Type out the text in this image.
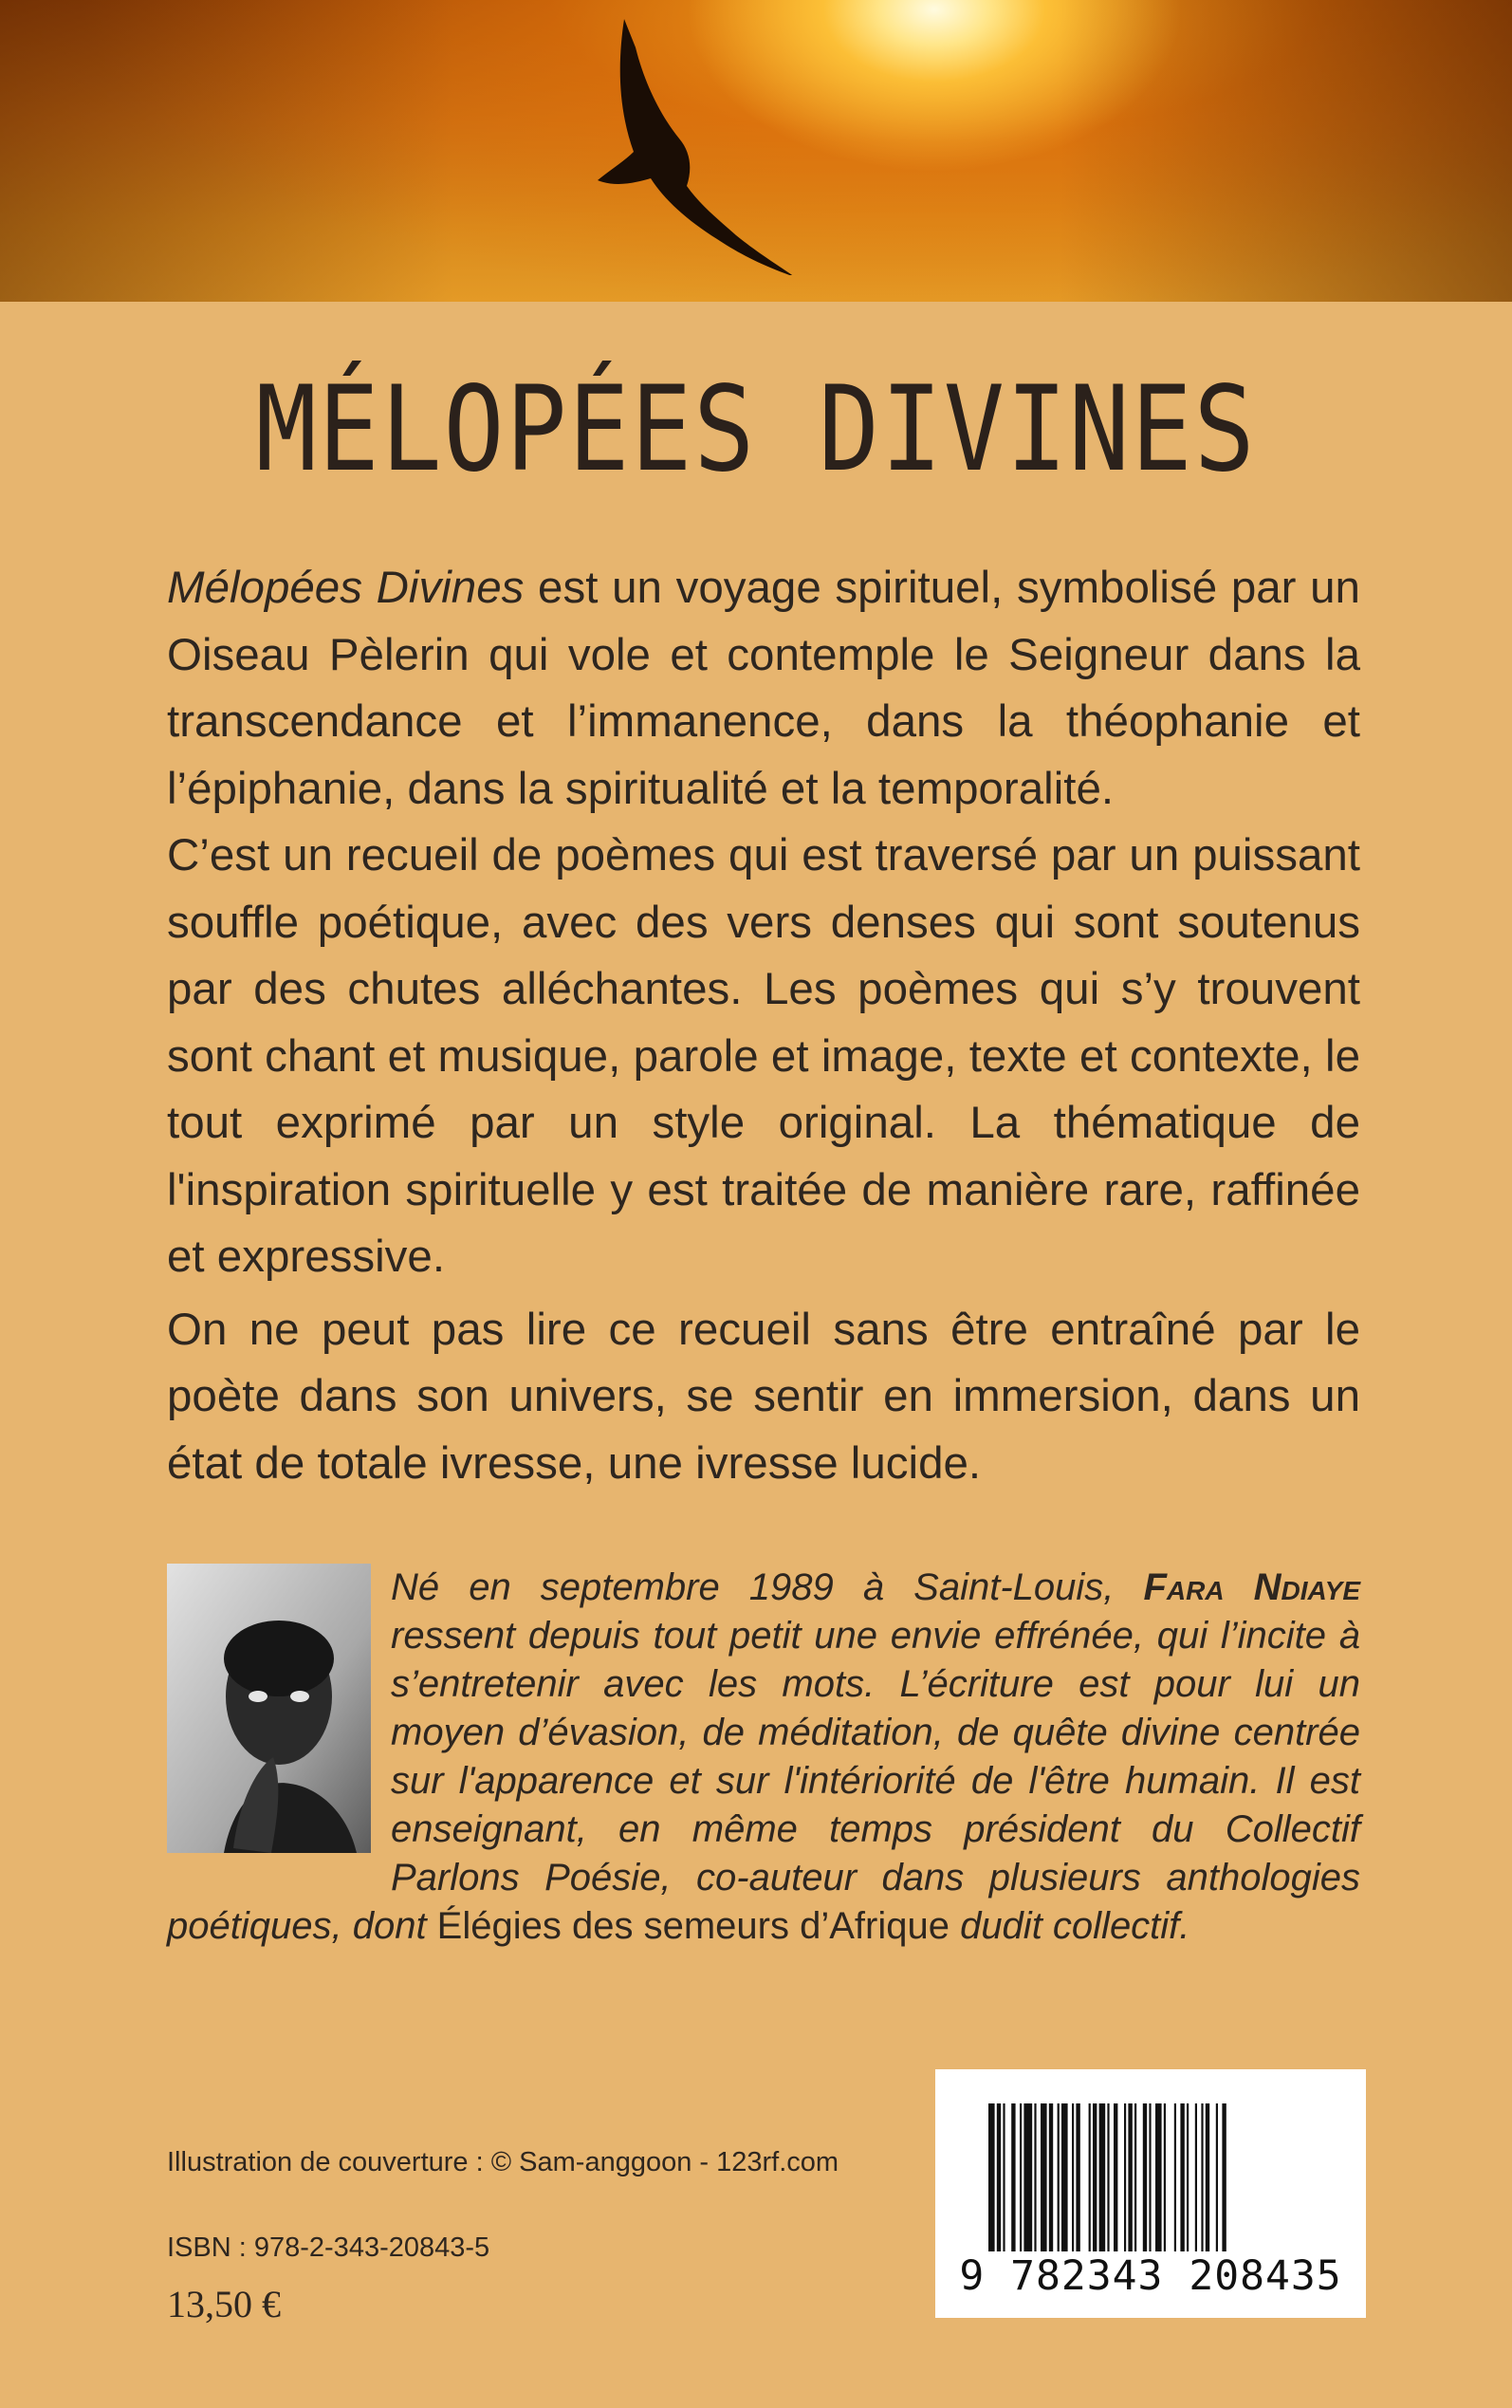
MÉLOPÉES DIVINES

Mélopées Divines est un voyage spirituel, symbolisé par un Oiseau Pèlerin qui vole et contemple le Seigneur dans la transcendance et l’immanence, dans la théophanie et l’épiphanie, dans la spiritualité et la temporalité.

C’est un recueil de poèmes qui est traversé par un puissant souffle poétique, avec des vers denses qui sont soutenus par des chutes alléchantes. Les poèmes qui s’y trouvent sont chant et musique, parole et image, texte et contexte, le tout exprimé par un style original. La thématique de l'inspiration spirituelle y est traitée de manière rare, raffinée et expressive.

On ne peut pas lire ce recueil sans être entraîné par le poète dans son univers, se sentir en immersion, dans un état de totale ivresse, une ivresse lucide.

Né en septembre 1989 à Saint-Louis, Fara Ndiaye ressent depuis tout petit une envie effrénée, qui l’incite à s’entretenir avec les mots. L’écriture est pour lui un moyen d’évasion, de méditation, de quête divine centrée sur l'apparence et sur l'intériorité de l'être humain. Il est enseignant, en même temps président du Collectif Parlons Poésie, co-auteur dans plusieurs anthologies poétiques, dont Élégies des semeurs d’Afrique dudit collectif.

Illustration de couverture : © Sam-anggoon - 123rf.com
ISBN : 978-2-343-20843-5
13,50 €
9 782343 208435
